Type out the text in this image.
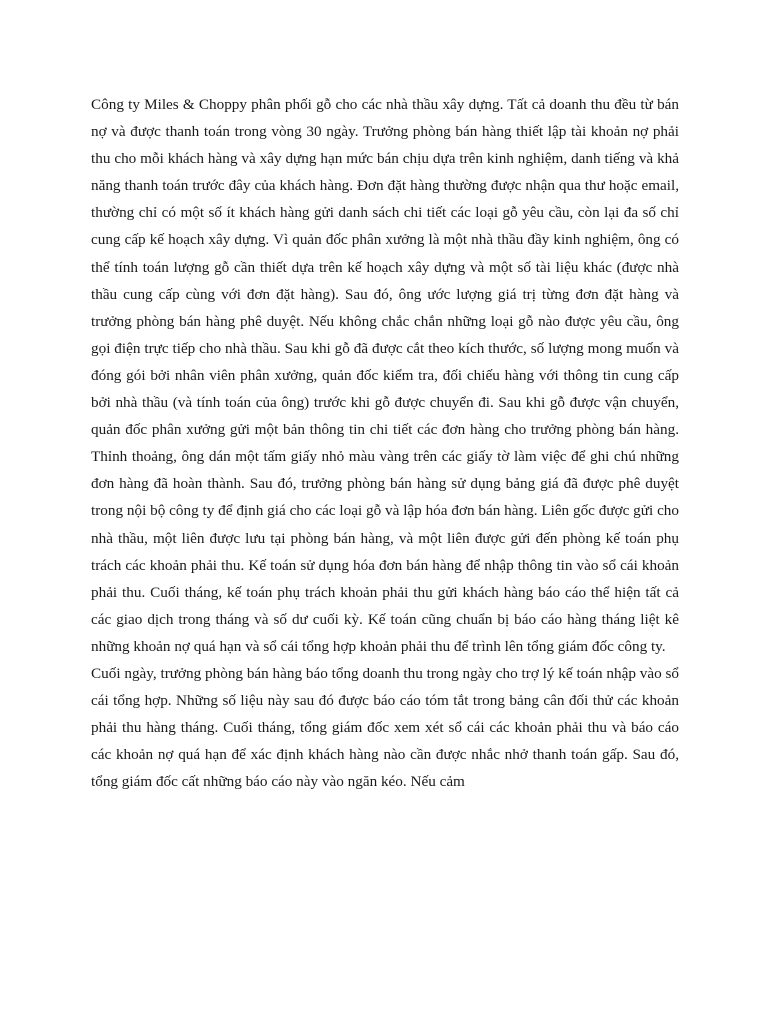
Công ty Miles & Choppy phân phối gỗ cho các nhà thầu xây dựng. Tất cả doanh thu đều từ bán nợ và được thanh toán trong vòng 30 ngày. Trưởng phòng bán hàng thiết lập tài khoản nợ phải thu cho mỗi khách hàng và xây dựng hạn mức bán chịu dựa trên kinh nghiệm, danh tiếng và khả năng thanh toán trước đây của khách hàng. Đơn đặt hàng thường được nhận qua thư hoặc email, thường chỉ có một số ít khách hàng gửi danh sách chi tiết các loại gỗ yêu cầu, còn lại đa số chỉ cung cấp kế hoạch xây dựng. Vì quản đốc phân xưởng là một nhà thầu đầy kinh nghiệm, ông có thể tính toán lượng gỗ cần thiết dựa trên kế hoạch xây dựng và một số tài liệu khác (được nhà thầu cung cấp cùng với đơn đặt hàng). Sau đó, ông ước lượng giá trị từng đơn đặt hàng và trưởng phòng bán hàng phê duyệt. Nếu không chắc chắn những loại gỗ nào được yêu cầu, ông gọi điện trực tiếp cho nhà thầu. Sau khi gỗ đã được cắt theo kích thước, số lượng mong muốn và đóng gói bởi nhân viên phân xưởng, quản đốc kiểm tra, đối chiếu hàng với thông tin cung cấp bởi nhà thầu (và tính toán của ông) trước khi gỗ được chuyển đi. Sau khi gỗ được vận chuyển, quản đốc phân xưởng gửi một bản thông tin chi tiết các đơn hàng cho trưởng phòng bán hàng. Thỉnh thoảng, ông dán một tấm giấy nhỏ màu vàng trên các giấy tờ làm việc để ghi chú những đơn hàng đã hoàn thành. Sau đó, trưởng phòng bán hàng sử dụng bảng giá đã được phê duyệt trong nội bộ công ty để định giá cho các loại gỗ và lập hóa đơn bán hàng. Liên gốc được gửi cho nhà thầu, một liên được lưu tại phòng bán hàng, và một liên được gửi đến phòng kế toán phụ trách các khoản phải thu. Kế toán sử dụng hóa đơn bán hàng để nhập thông tin vào sổ cái khoản phải thu. Cuối tháng, kế toán phụ trách khoản phải thu gửi khách hàng báo cáo thể hiện tất cả các giao dịch trong tháng và số dư cuối kỳ. Kế toán cũng chuẩn bị báo cáo hàng tháng liệt kê những khoản nợ quá hạn và sổ cái tổng hợp khoản phải thu để trình lên tổng giám đốc công ty.

Cuối ngày, trưởng phòng bán hàng báo tổng doanh thu trong ngày cho trợ lý kế toán nhập vào sổ cái tổng hợp. Những số liệu này sau đó được báo cáo tóm tắt trong bảng cân đối thử các khoản phải thu hàng tháng. Cuối tháng, tổng giám đốc xem xét sổ cái các khoản phải thu và báo cáo các khoản nợ quá hạn để xác định khách hàng nào cần được nhắc nhở thanh toán gấp. Sau đó, tổng giám đốc cất những báo cáo này vào ngăn kéo. Nếu cảm
